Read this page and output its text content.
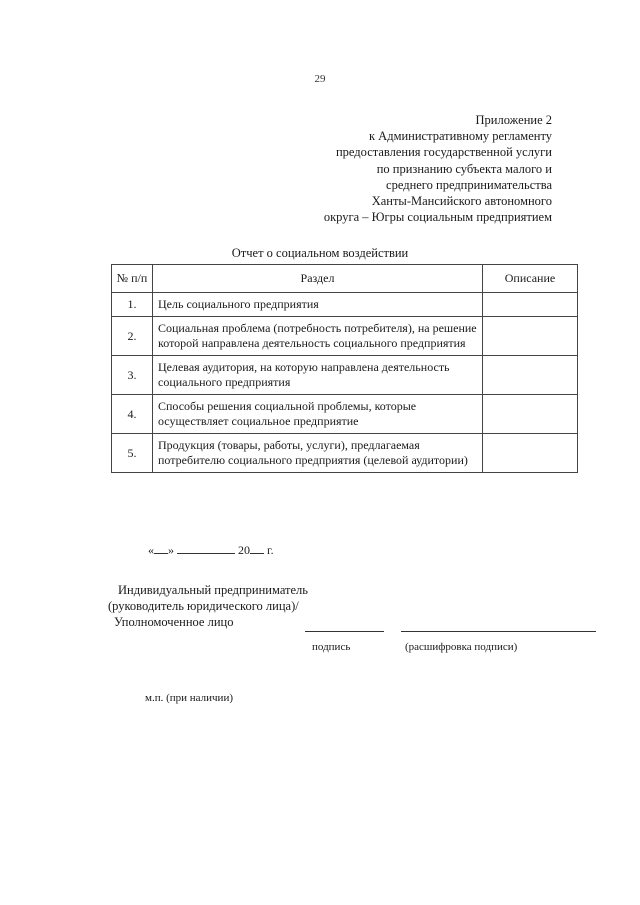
29
Приложение 2
к Административному регламенту
предоставления государственной услуги
по признанию субъекта малого и
среднего предпринимательства
Ханты-Мансийского автономного
округа – Югры социальным предприятием
Отчет о социальном воздействии
№ п/п	Раздел	Описание
1.	Цель социального предприятия	
2.	Социальная проблема (потребность потребителя), на решение которой направлена деятельность социального предприятия	
3.	Целевая аудитория, на которую направлена деятельность социального предприятия	
4.	Способы решения социальной проблемы, которые осуществляет социальное предприятие	
5.	Продукция (товары, работы, услуги), предлагаемая потребителю социального предприятия (целевой аудитории)	
« »	20 г.
Индивидуальный предприниматель
(руководитель юридического лица)/
Уполномоченное лицо
подпись	(расшифровка подписи)
м.п. (при наличии)
